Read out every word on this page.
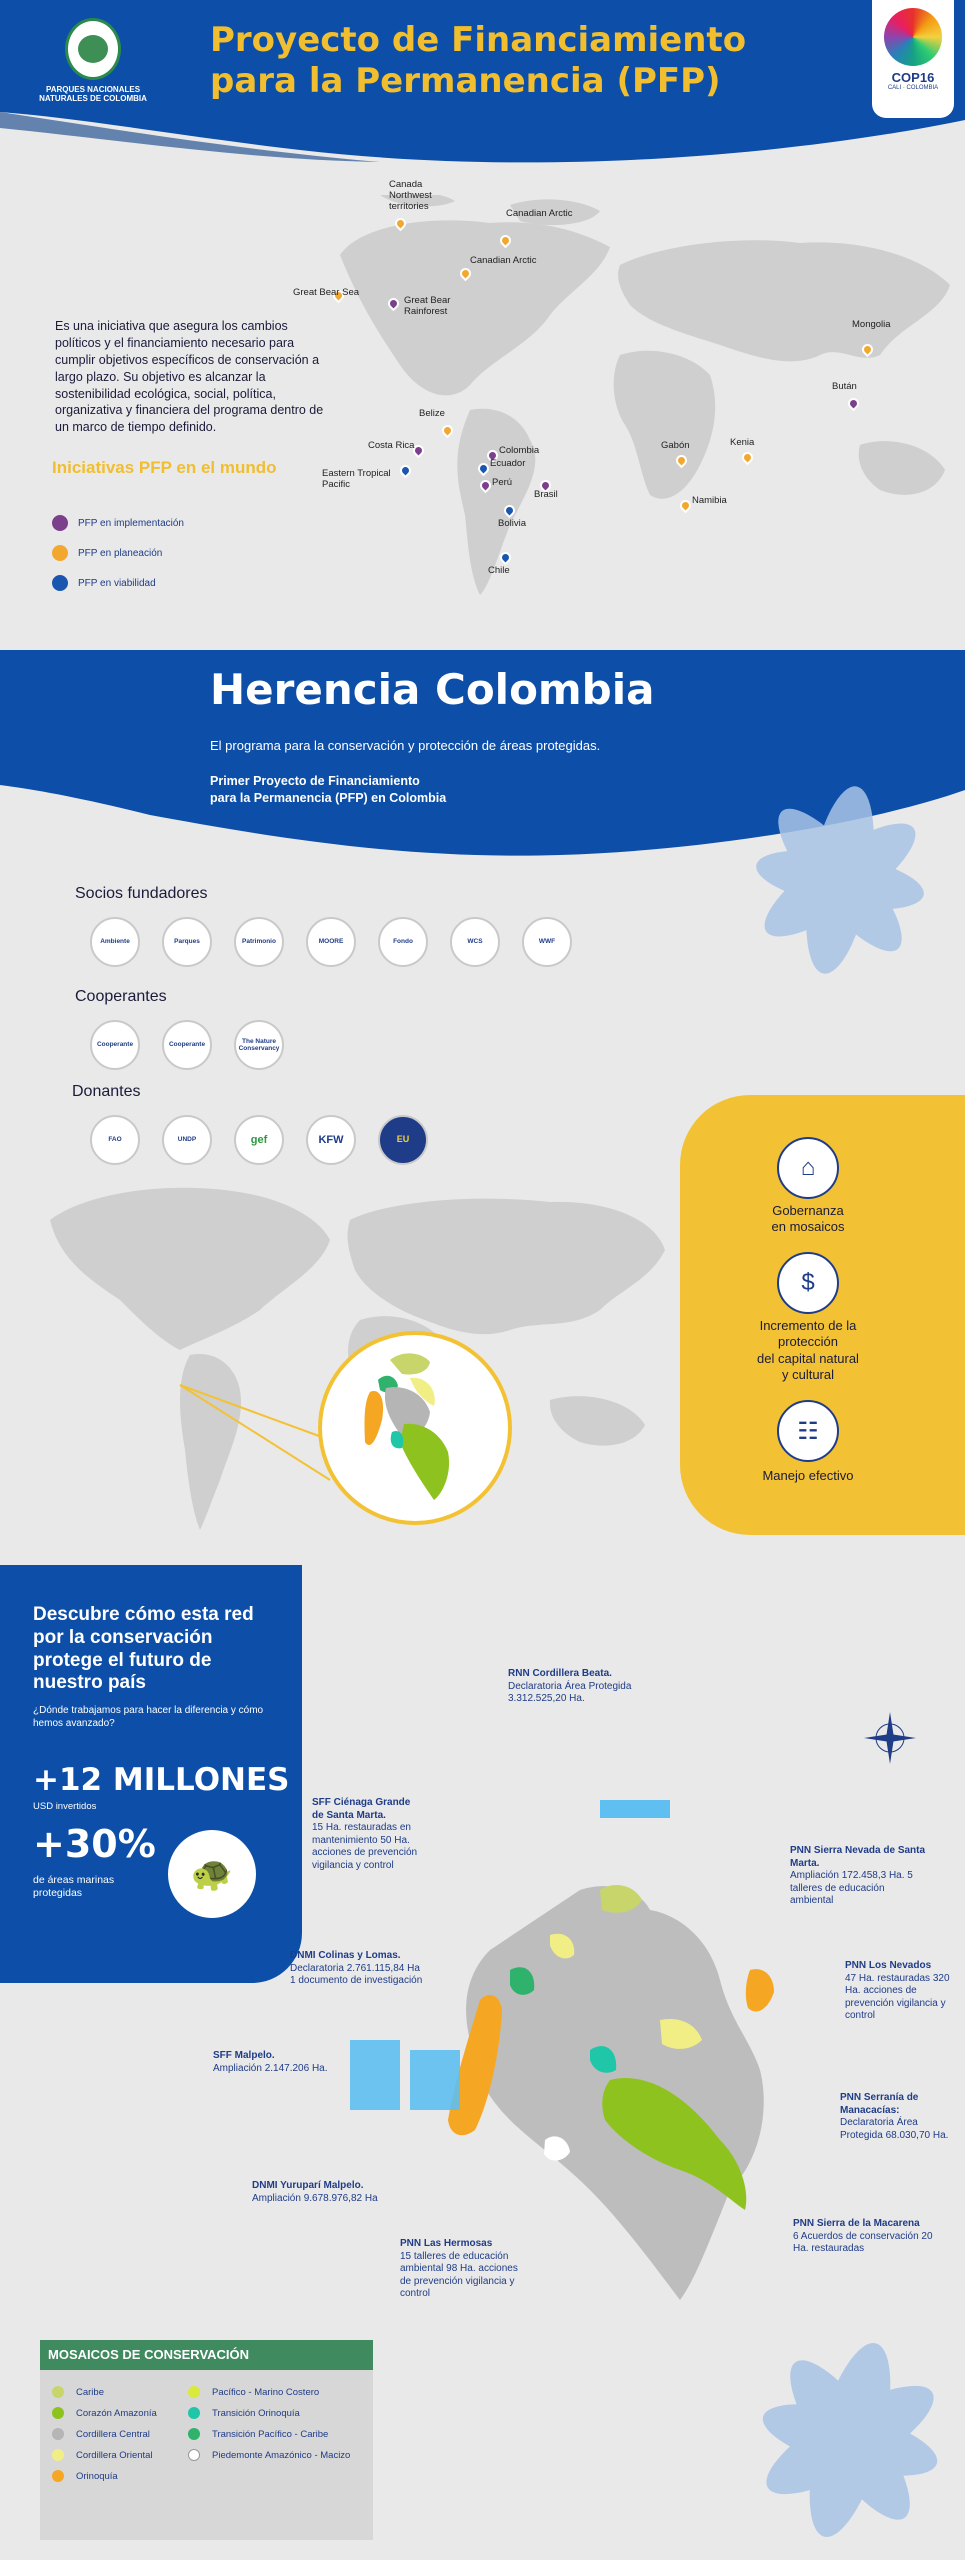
PARQUES NACIONALES NATURALES DE COLOMBIA
Proyecto de Financiamiento
para la Permanencia (PFP)	COP16
CALI · COLOMBIA
Es una iniciativa que asegura los cambios políticos y el financiamiento necesario para cumplir objetivos específicos de conservación a largo plazo. Su objetivo es alcanzar la sostenibilidad ecológica, social, política, organizativa y financiera del programa dentro de un marco de tiempo definido.
Iniciativas PFP en el mundo
PFP en implementación
PFP en planeación
PFP en viabilidad
Herencia Colombia
El programa para la conservación y protección de áreas protegidas.
Primer Proyecto de Financiamiento
para la Permanencia (PFP) en Colombia
Socios fundadores
Ambiente	Parques	Patrimonio	MOORE	Fondo	WCS	WWF
Cooperantes
Cooperante	Cooperante
The Nature Conservancy
Donantes
FAO	UNDP	gef	KFW	EU
⌂
Gobernanza
en mosaicos
$
Incremento de la
protección
del capital natural
y cultural
☷
Manejo efectivo
Descubre cómo esta red por la conservación protege el futuro de nuestro país
¿Dónde trabajamos para hacer la diferencia y cómo hemos avanzado?
+12 MILLONES
USD invertidos
+30%
de áreas marinas protegidas	🐢
RNN Cordillera Beata.
Declaratoria Área Protegida 3.312.525,20 Ha.
SFF Ciénaga Grande de Santa Marta.
15 Ha. restauradas en mantenimiento 50 Ha. acciones de prevención vigilancia y control
PNN Sierra Nevada de Santa Marta.
Ampliación 172.458,3 Ha. 5 talleres de educación ambiental
DNMI Colinas y Lomas.
Declaratoria 2.761.115,84 Ha 1 documento de investigación
PNN Los Nevados
47 Ha. restauradas 320 Ha. acciones de prevención vigilancia y control
SFF Malpelo.
Ampliación 2.147.206 Ha.
PNN Serranía de Manacacías:
Declaratoria Área Protegida 68.030,70 Ha.
DNMI Yuruparí Malpelo.
Ampliación 9.678.976,82 Ha
PNN Sierra de la Macarena
6 Acuerdos de conservación 20 Ha. restauradas
PNN Las Hermosas
15 talleres de educación ambiental 98 Ha. acciones de prevención vigilancia y control
MOSAICOS DE CONSERVACIÓN
Caribe
Corazón Amazonía
Cordillera Central
Cordillera Oriental
Orinoquía
Pacífico - Marino Costero
Transición Orinoquía
Transición Pacífico - Caribe
Piedemonte Amazónico - Macizo
Canada Northwest territories
Canadian Arctic
Canadian Arctic
Great Bear Sea
Great Bear Rainforest
Mongolia
Bután
Belize
Costa Rica	Colombia
Eastern Tropical Pacific
Ecuador
Perú
Brasil
Bolivia
Chile
Gabón	Kenia
Namibia
